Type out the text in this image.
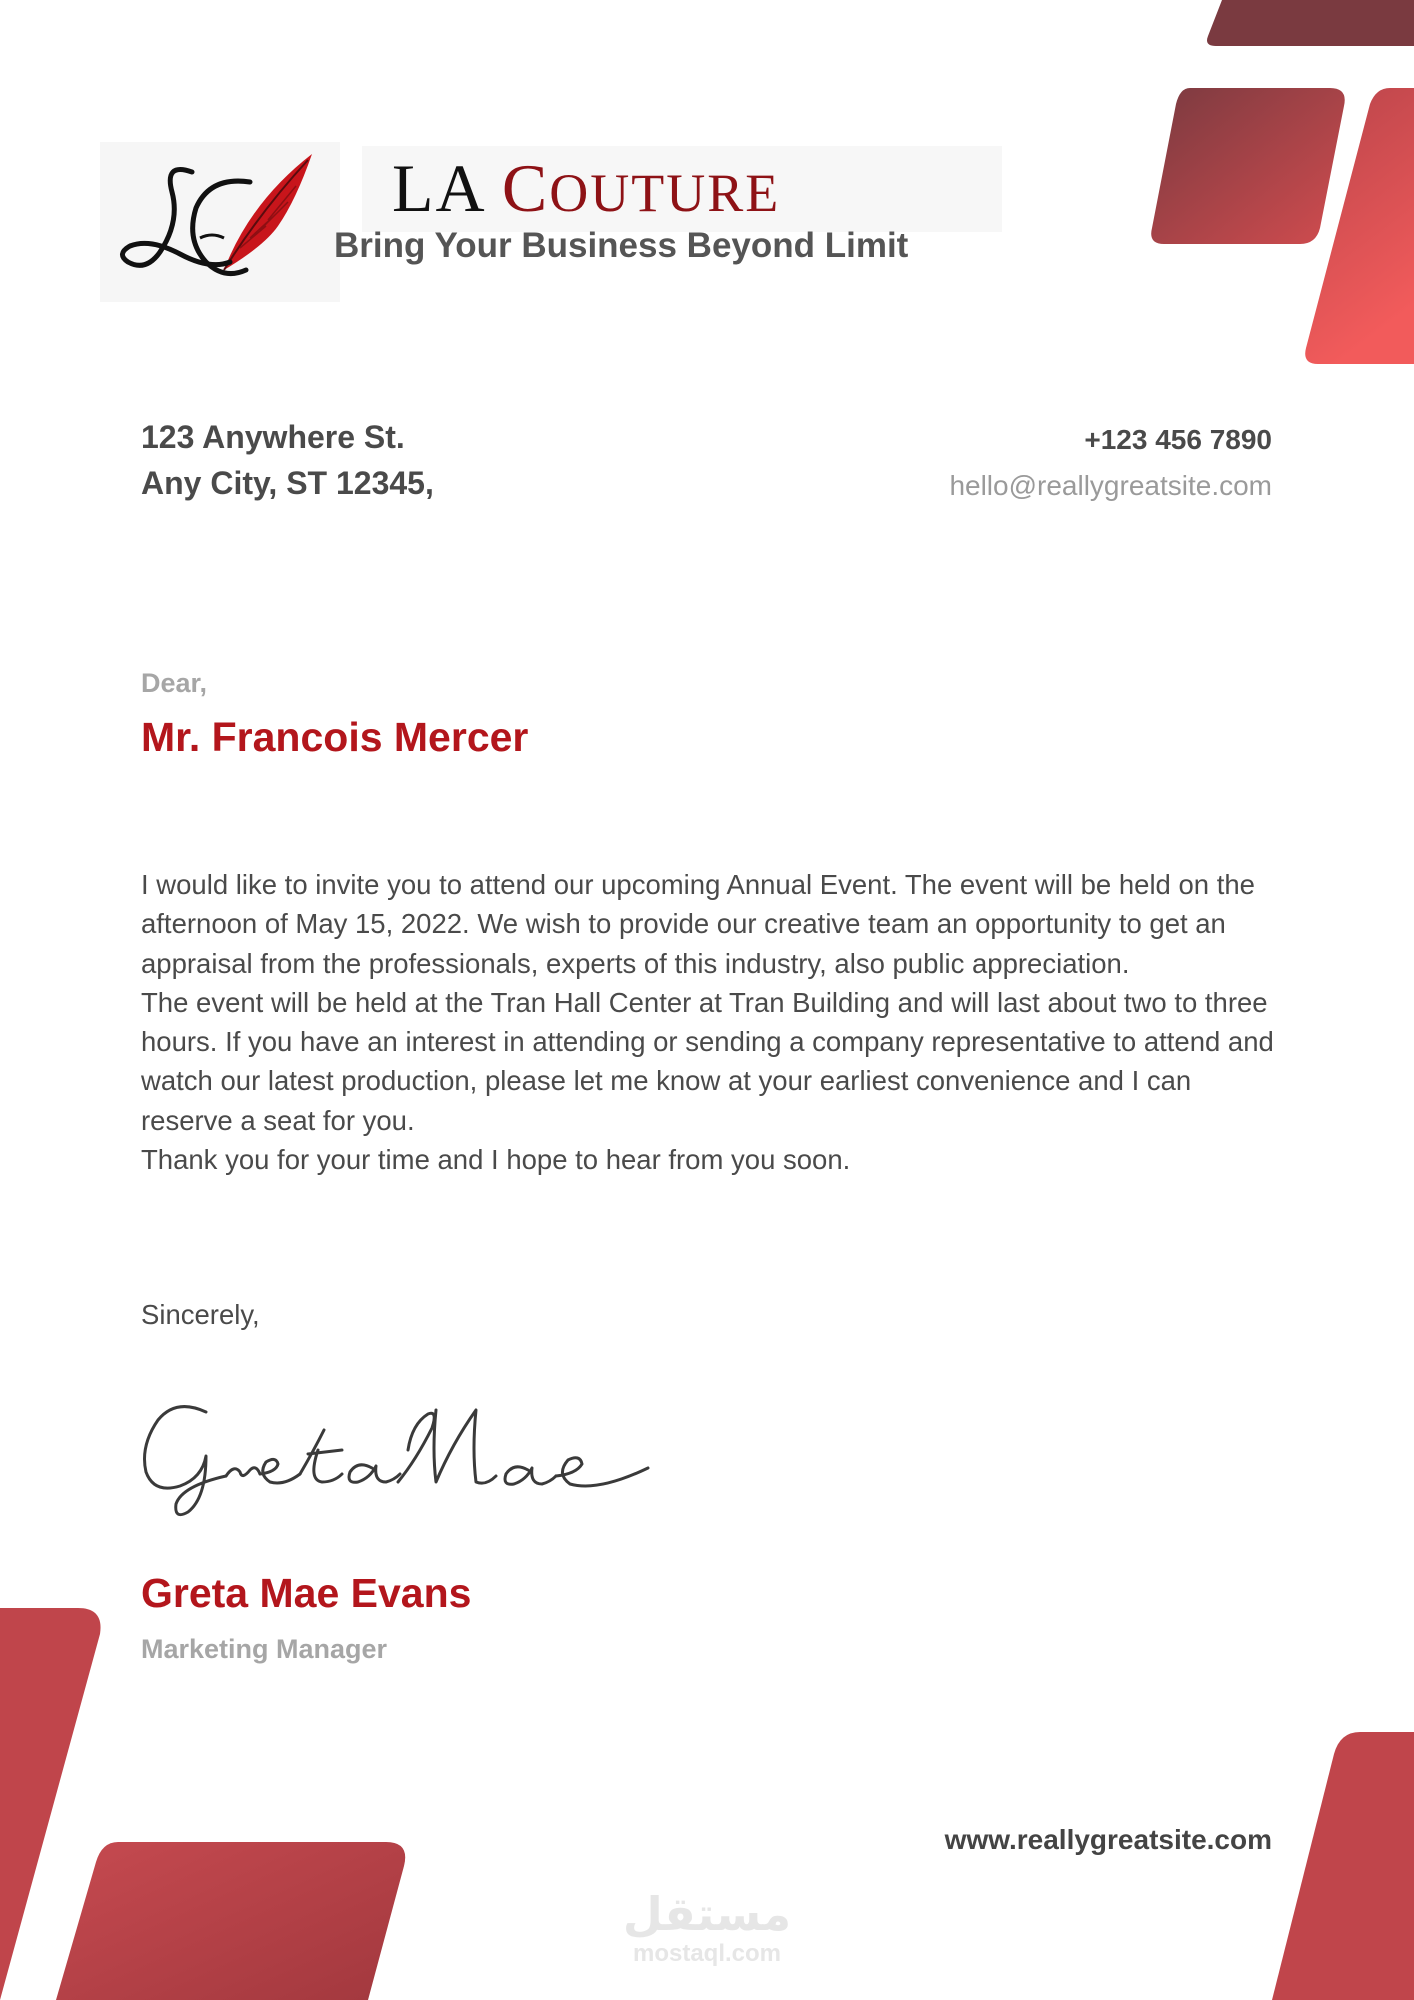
LA COUTURE
Bring Your Business Beyond Limit
123 Anywhere St.
Any City, ST 12345,
+123 456 7890
hello@reallygreatsite.com
Dear,
Mr. Francois Mercer

I would like to invite you to attend our upcoming Annual Event. The event will be held on the afternoon of May 15, 2022. We wish to provide our creative team an opportunity to get an appraisal from the professionals, experts of this industry, also public appreciation.

The event will be held at the Tran Hall Center at Tran Building and will last about two to three hours. If you have an interest in attending or sending a company representative to attend and watch our latest production, please let me know at your earliest convenience and I can reserve a seat for you.

Thank you for your time and I hope to hear from you soon.

Sincerely,
Greta Mae Evans
Marketing Manager
www.reallygreatsite.com
مستقل
mostaql.com
